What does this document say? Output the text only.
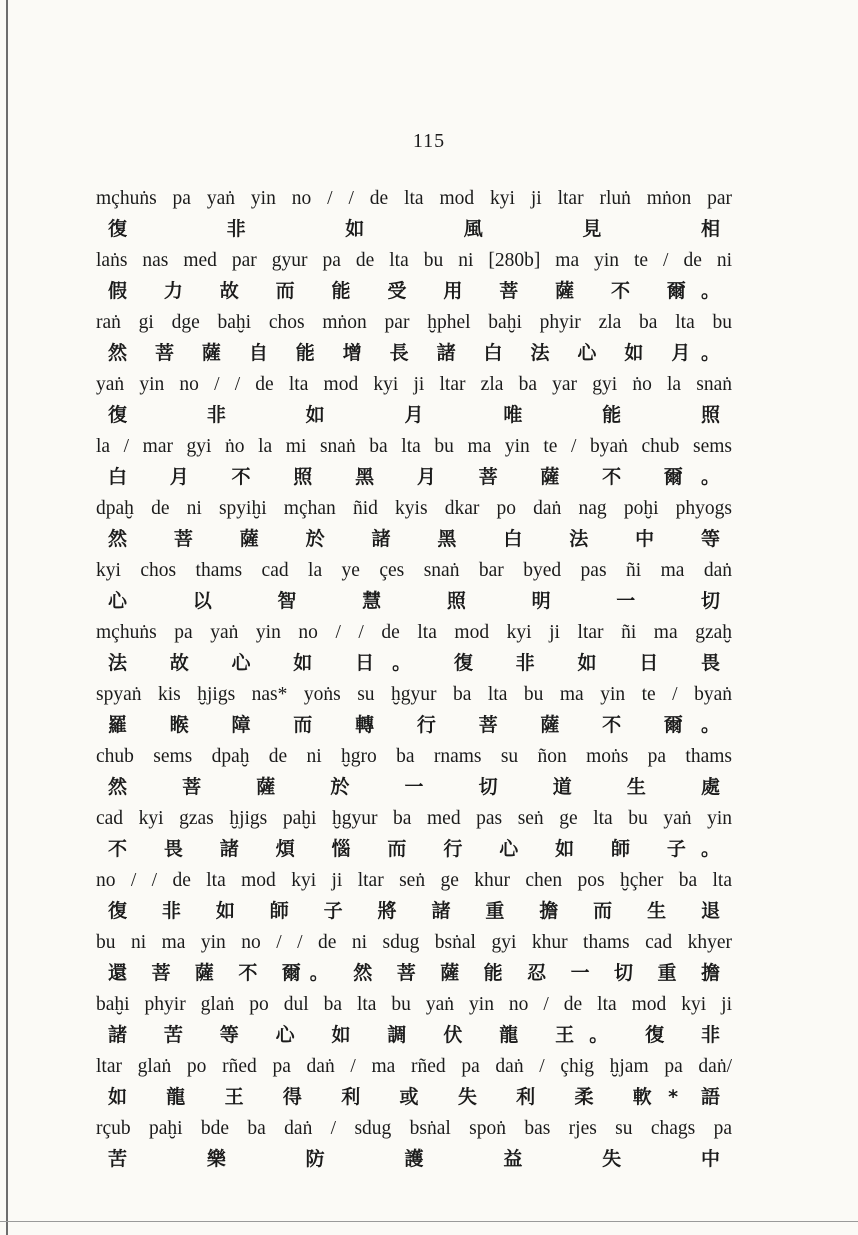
115
mçhuṅs pa yaṅ yin no / / de lta mod kyi ji ltar rluṅ mṅon par
復 非 如 風 見 相
laṅs nas med par gyur pa de lta bu ni [280b] ma yin te / de ni
假 力 故 而 能 受 用 菩 薩 不 爾。
raṅ gi dge baḫi chos mṅon par ḫphel baḫi phyir zla ba lta bu
然 菩 薩 自 能 增 長 諸 白 法 心 如 月。
yaṅ yin no / / de lta mod kyi ji ltar zla ba yar gyi ṅo la snaṅ
復 非 如 月 唯 能 照
la / mar gyi ṅo la mi snaṅ ba lta bu ma yin te / byaṅ chub sems
白 月 不 照 黑 月 菩 薩 不 爾。
dpaḫ de ni spyiḫi mçhan ñid kyis dkar po daṅ nag poḫi phyogs
然 菩 薩 於 諸 黑 白 法 中 等
kyi chos thams cad la ye çes snaṅ bar byed pas ñi ma daṅ
心 以 智 慧 照 明 一 切
mçhuṅs pa yaṅ yin no / / de lta mod kyi ji ltar ñi ma gzaḫ
法 故 心 如 日。 復 非 如 日 畏
spyaṅ kis ḫjigs nas* yoṅs su ḫgyur ba lta bu ma yin te / byaṅ
羅 睺 障 而 轉 行 菩 薩 不 爾。
chub sems dpaḫ de ni ḫgro ba rnams su ñon moṅs pa thams
然 菩 薩 於 一 切 道 生 處
cad kyi gzas ḫjigs paḫi ḫgyur ba med pas seṅ ge lta bu yaṅ yin
不 畏 諸 煩 惱 而 行 心 如 師 子。
no / / de lta mod kyi ji ltar seṅ ge khur chen pos ḫçher ba lta
復 非 如 師 子 將 諸 重 擔 而 生 退
bu ni ma yin no / / de ni sdug bsṅal gyi khur thams cad khyer
還 菩 薩 不 爾。 然 菩 薩 能 忍 一 切 重 擔
baḫi phyir glaṅ po dul ba lta bu yaṅ yin no / de lta mod kyi ji
諸 苦 等 心 如 調 伏 龍 王。 復 非
ltar glaṅ po rñed pa daṅ / ma rñed pa daṅ / çhig ḫjam pa daṅ/
如 龍 王 得 利 或 失 利 柔 軟* 語
rçub paḫi bde ba daṅ / sdug bsṅal spoṅ bas rjes su chags pa
苦 樂 防 護 益 失 中
